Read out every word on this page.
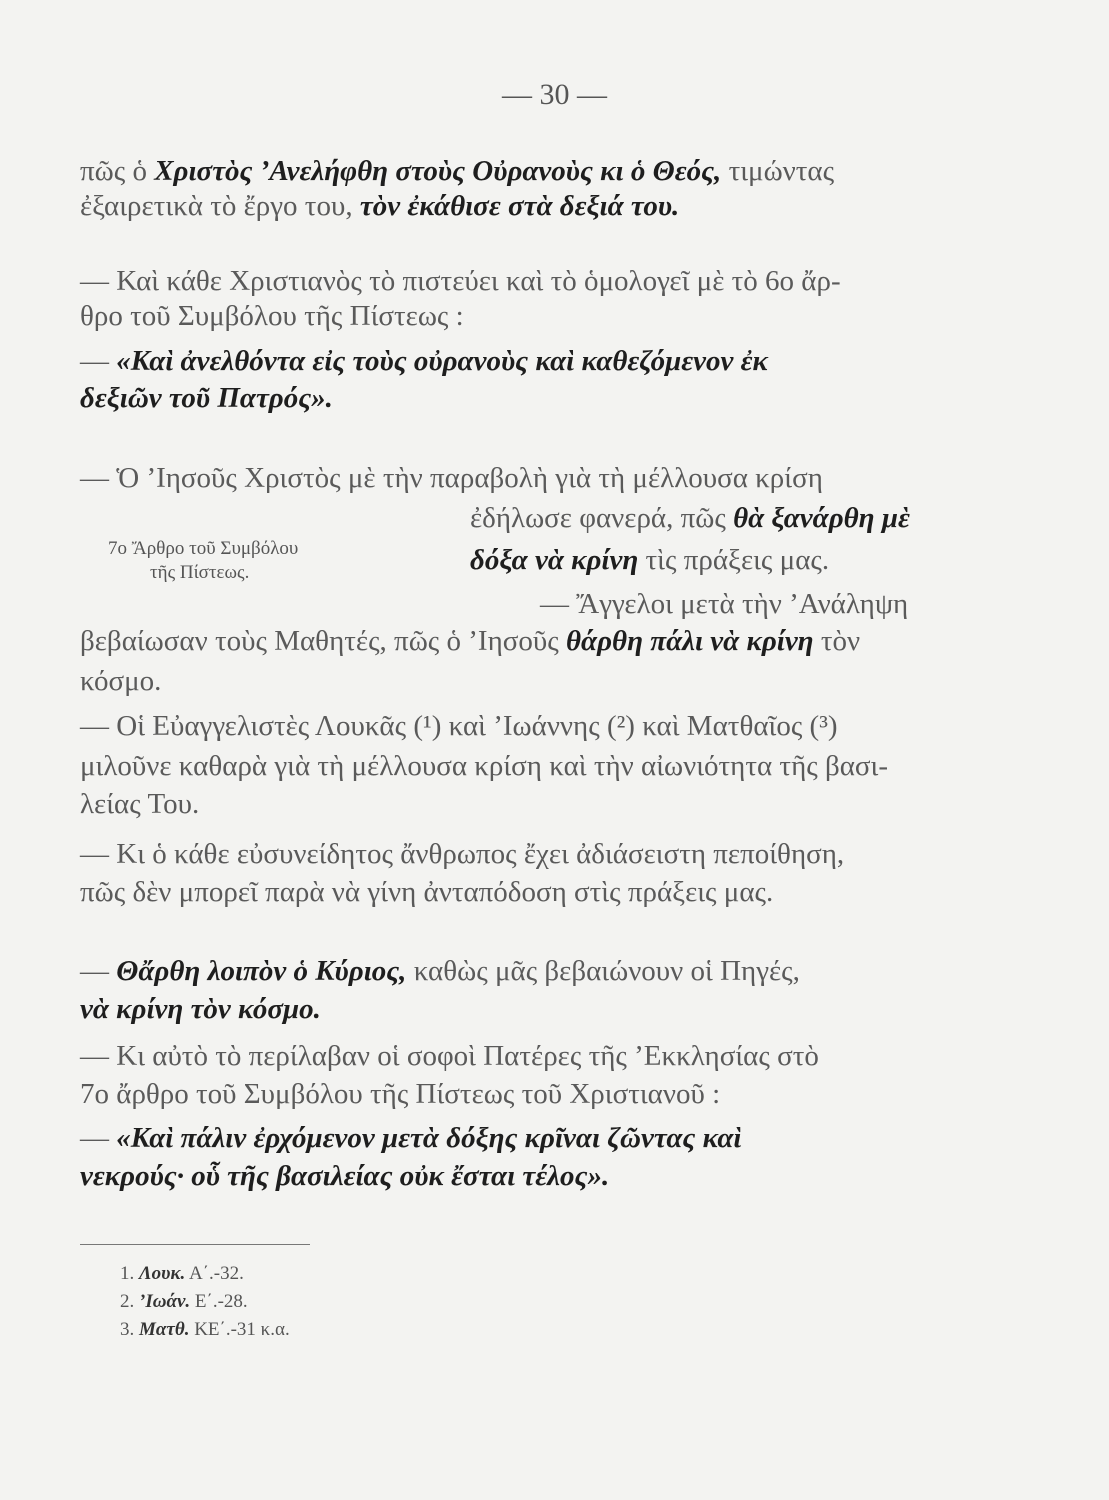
— 30 —
πῶς ὁ Χριστὸς ’Ανελήφθη στοὺς Οὐρανοὺς κι ὁ Θεός, τιμώντας
ἐξαιρετικὰ τὸ ἔργο του, τὸν ἐκάθισε στὰ δεξιά του.
— Καὶ κάθε Χριστιανὸς τὸ πιστεύει καὶ τὸ ὁμολογεῖ μὲ τὸ 6ο ἄρ-
θρο τοῦ Συμβόλου τῆς Πίστεως :
— «Καὶ ἀνελθόντα εἰς τοὺς οὐρανοὺς καὶ καθεζόμενον ἐκ
δεξιῶν τοῦ Πατρός».
— Ὁ ’Ιησοῦς Χριστὸς μὲ τὴν παραβολὴ γιὰ τὴ μέλλουσα κρίση
ἐδήλωσε φανερά, πῶς θὰ ξανάρθη μὲ
δόξα νὰ κρίνη τὶς πράξεις μας.
7ο Ἄρθρο τοῦ Συμβόλου
τῆς Πίστεως.
— Ἄγγελοι μετὰ τὴν ’Ανάληψη
βεβαίωσαν τοὺς Μαθητές, πῶς ὁ ’Ιησοῦς θάρθη πάλι νὰ κρίνη τὸν
κόσμο.
— Οἱ Εὐαγγελιστὲς Λουκᾶς (¹) καὶ ’Ιωάννης (²) καὶ Ματθαῖος (³)
μιλοῦνε καθαρὰ γιὰ τὴ μέλλουσα κρίση καὶ τὴν αἰωνιότητα τῆς βασι-
λείας Του.
— Κι ὁ κάθε εὐσυνείδητος ἄνθρωπος ἔχει ἀδιάσειστη πεποίθηση,
πῶς δὲν μπορεῖ παρὰ νὰ γίνη ἀνταπόδοση στὶς πράξεις μας.
— Θἄρθη λοιπὸν ὁ Κύριος, καθὼς μᾶς βεβαιώνουν οἱ Πηγές,
νὰ κρίνη τὸν κόσμο.
— Κι αὐτὸ τὸ περίλαβαν οἱ σοφοὶ Πατέρες τῆς ’Εκκλησίας στὸ
7ο ἄρθρο τοῦ Συμβόλου τῆς Πίστεως τοῦ Χριστιανοῦ :
— «Καὶ πάλιν ἐρχόμενον μετὰ δόξης κρῖναι ζῶντας καὶ
νεκρούς· οὗ τῆς βασιλείας οὐκ ἔσται τέλος».
1. Λουκ. Α΄.-32.
2. ’Ιωάν. Ε΄.-28.
3. Ματθ. ΚΕ΄.-31 κ.α.
